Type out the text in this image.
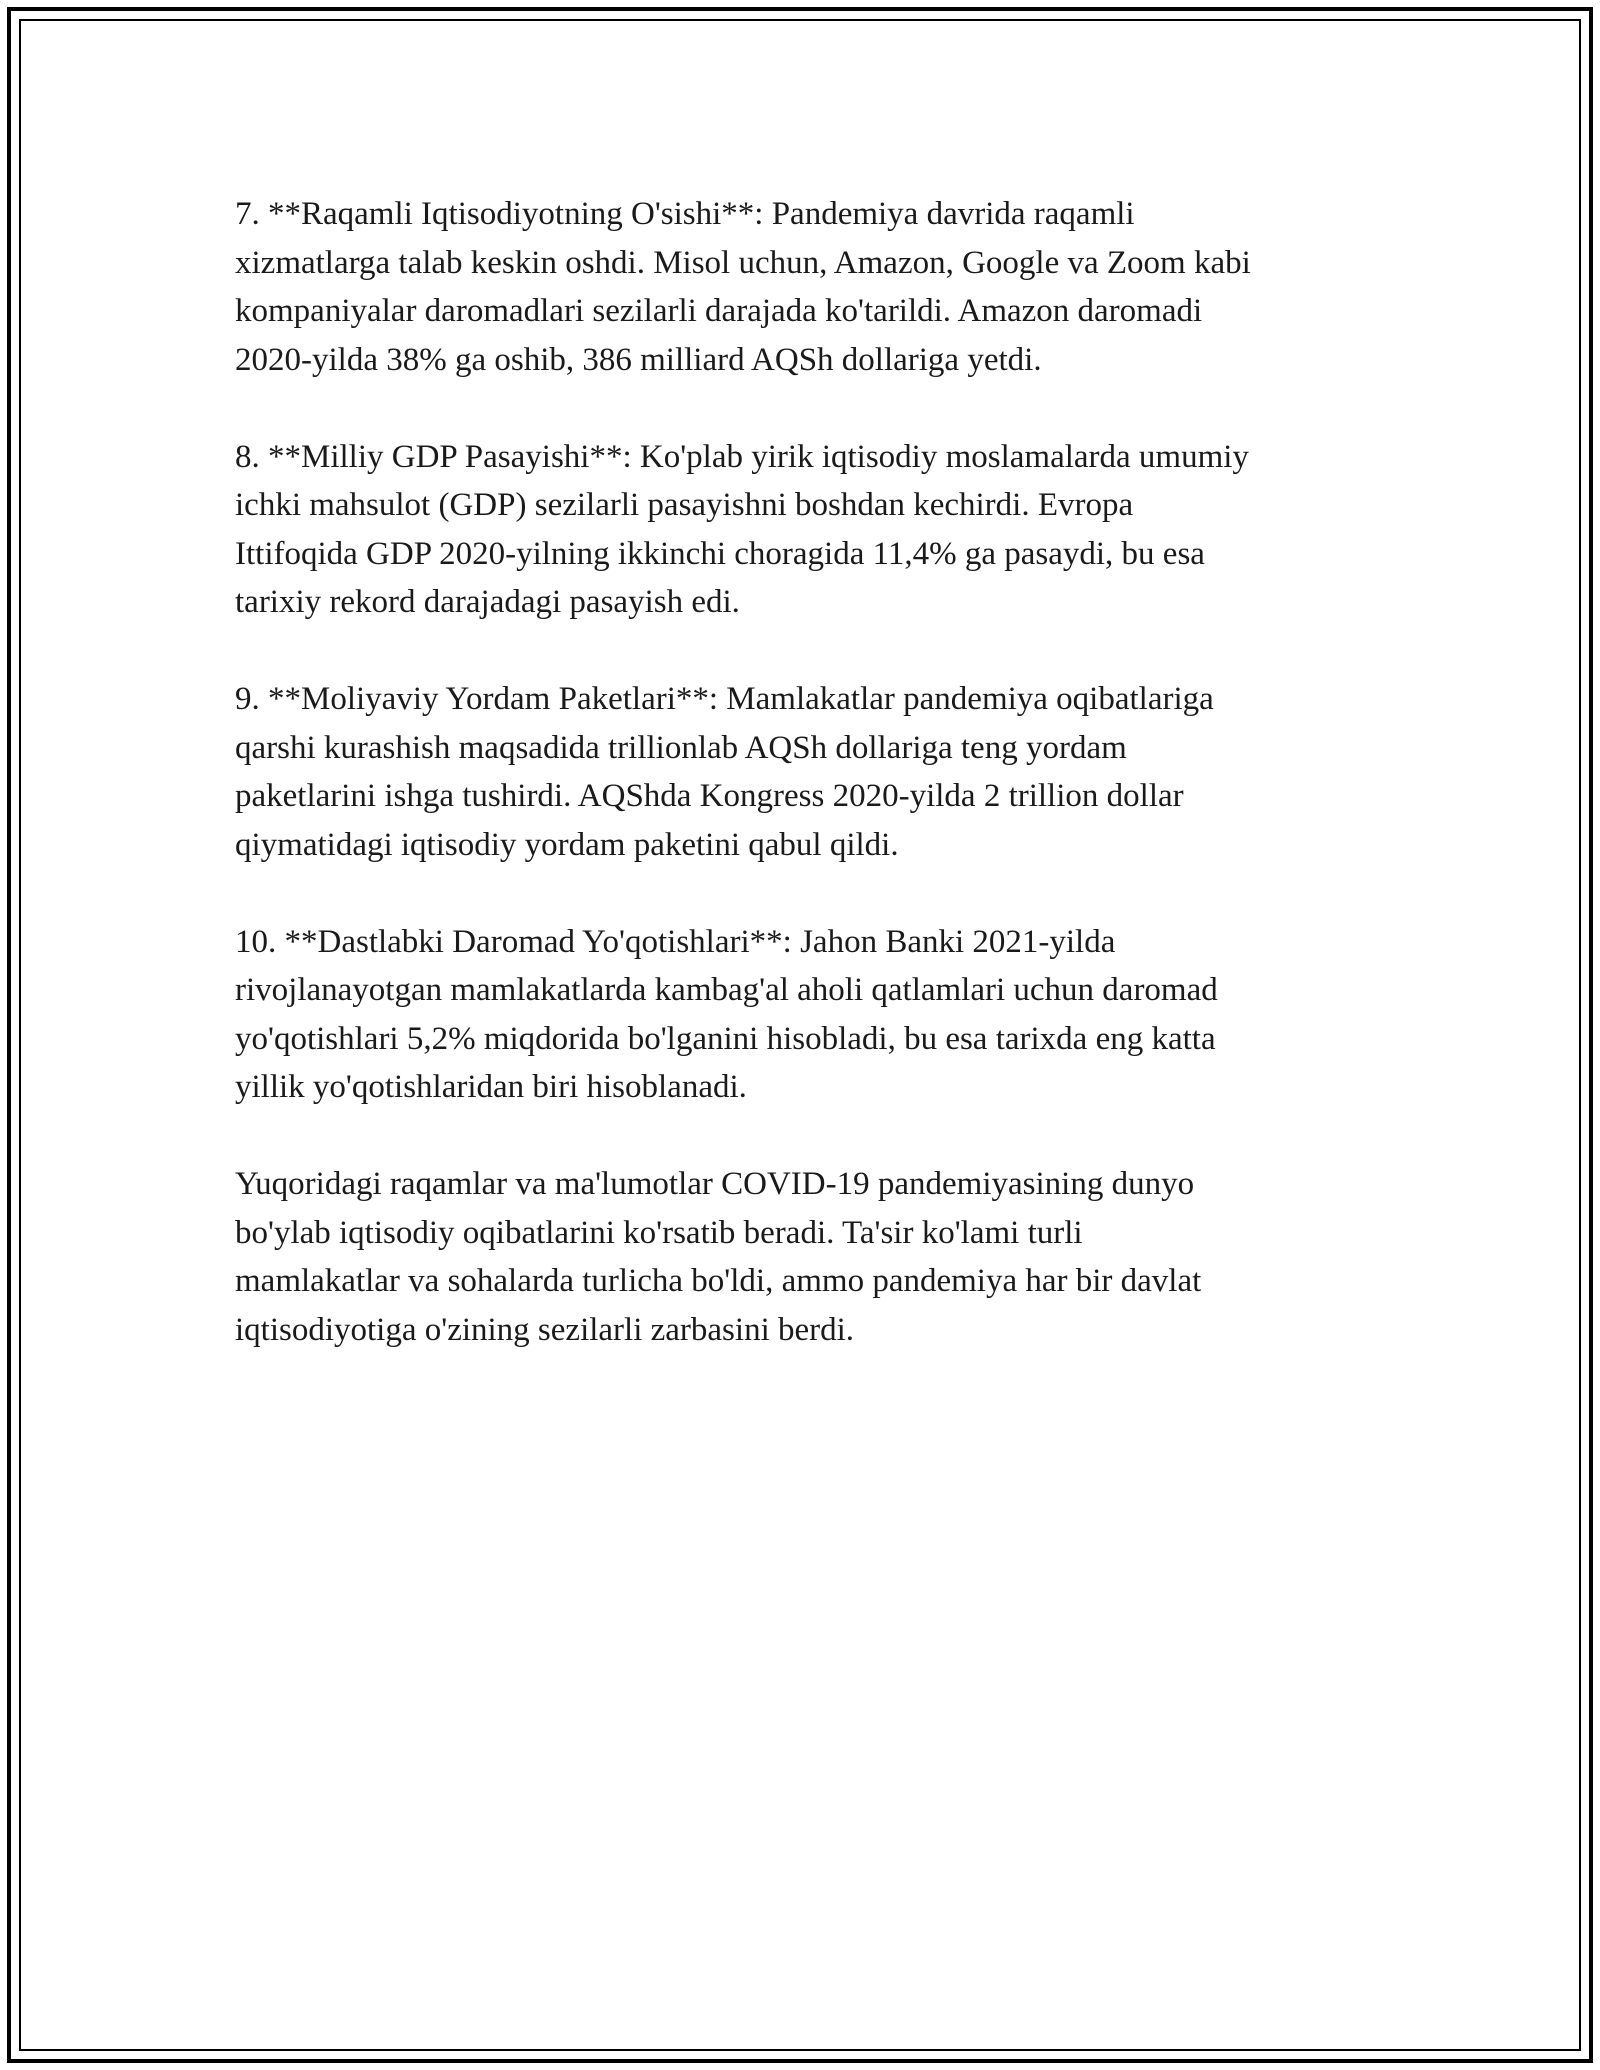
7. **Raqamli Iqtisodiyotning O'sishi**: Pandemiya davrida raqamli
xizmatlarga talab keskin oshdi. Misol uchun, Amazon, Google va Zoom kabi
kompaniyalar daromadlari sezilarli darajada ko'tarildi. Amazon daromadi
2020-yilda 38% ga oshib, 386 milliard AQSh dollariga yetdi.

8. **Milliy GDP Pasayishi**: Ko'plab yirik iqtisodiy moslamalarda umumiy
ichki mahsulot (GDP) sezilarli pasayishni boshdan kechirdi. Evropa
Ittifoqida GDP 2020-yilning ikkinchi choragida 11,4% ga pasaydi, bu esa
tarixiy rekord darajadagi pasayish edi.

9. **Moliyaviy Yordam Paketlari**: Mamlakatlar pandemiya oqibatlariga
qarshi kurashish maqsadida trillionlab AQSh dollariga teng yordam
paketlarini ishga tushirdi. AQShda Kongress 2020-yilda 2 trillion dollar
qiymatidagi iqtisodiy yordam paketini qabul qildi.

10. **Dastlabki Daromad Yo'qotishlari**: Jahon Banki 2021-yilda
rivojlanayotgan mamlakatlarda kambag'al aholi qatlamlari uchun daromad
yo'qotishlari 5,2% miqdorida bo'lganini hisobladi, bu esa tarixda eng katta
yillik yo'qotishlaridan biri hisoblanadi.

Yuqoridagi raqamlar va ma'lumotlar COVID-19 pandemiyasining dunyo
bo'ylab iqtisodiy oqibatlarini ko'rsatib beradi. Ta'sir ko'lami turli
mamlakatlar va sohalarda turlicha bo'ldi, ammo pandemiya har bir davlat
iqtisodiyotiga o'zining sezilarli zarbasini berdi.
